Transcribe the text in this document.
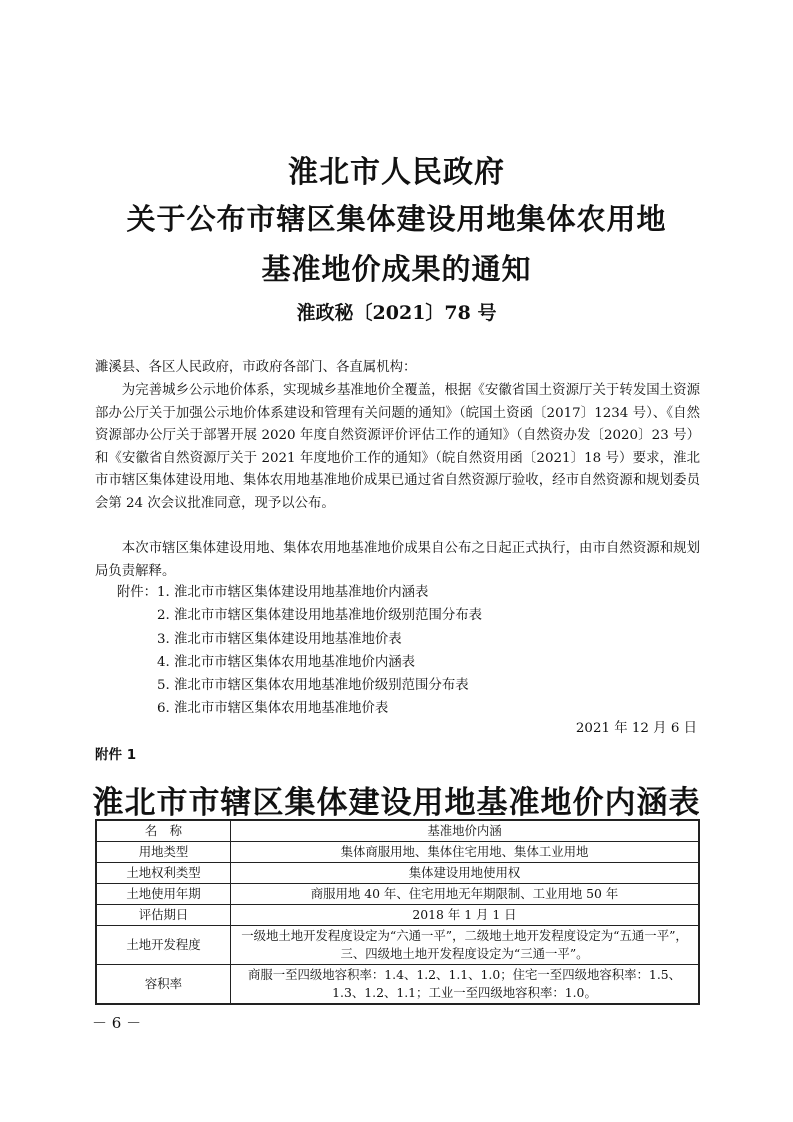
淮北市人民政府
关于公布市辖区集体建设用地集体农用地
基准地价成果的通知
淮政秘〔2021〕78 号
濉溪县、各区人民政府，市政府各部门、各直属机构：
为完善城乡公示地价体系，实现城乡基准地价全覆盖，根据《安徽省国土资源厅关于转发国土资源部办公厅关于加强公示地价体系建设和管理有关问题的通知》（皖国土资函〔2017〕1234 号）、《自然资源部办公厅关于部署开展 2020 年度自然资源评价评估工作的通知》（自然资办发〔2020〕23 号）和《安徽省自然资源厅关于 2021 年度地价工作的通知》（皖自然资用函〔2021〕18 号）要求，淮北市市辖区集体建设用地、集体农用地基准地价成果已通过省自然资源厅验收，经市自然资源和规划委员会第 24 次会议批准同意，现予以公布。
本次市辖区集体建设用地、集体农用地基准地价成果自公布之日起正式执行，由市自然资源和规划局负责解释。
附件： 1. 淮北市市辖区集体建设用地基准地价内涵表
2. 淮北市市辖区集体建设用地基准地价级别范围分布表
3. 淮北市市辖区集体建设用地基准地价表
4. 淮北市市辖区集体农用地基准地价内涵表
5. 淮北市市辖区集体农用地基准地价级别范围分布表
6. 淮北市市辖区集体农用地基准地价表
2021 年 12 月 6 日
附件 1
淮北市市辖区集体建设用地基准地价内涵表
名　称	基准地价内涵
用地类型	集体商服用地、集体住宅用地、集体工业用地
土地权利类型	集体建设用地使用权
土地使用年期	商服用地 40 年、住宅用地无年期限制、工业用地 50 年
评估期日	2018 年 1 月 1 日
土地开发程度	一级地土地开发程度设定为“六通一平”，二级地土地开发程度设定为“五通一平”，三、四级地土地开发程度设定为“三通一平”。
容积率	商服一至四级地容积率：1.4、1.2、1.1、1.0；住宅一至四级地容积率：1.5、1.3、1.2、1.1；工业一至四级地容积率：1.0。
－ 6 －
